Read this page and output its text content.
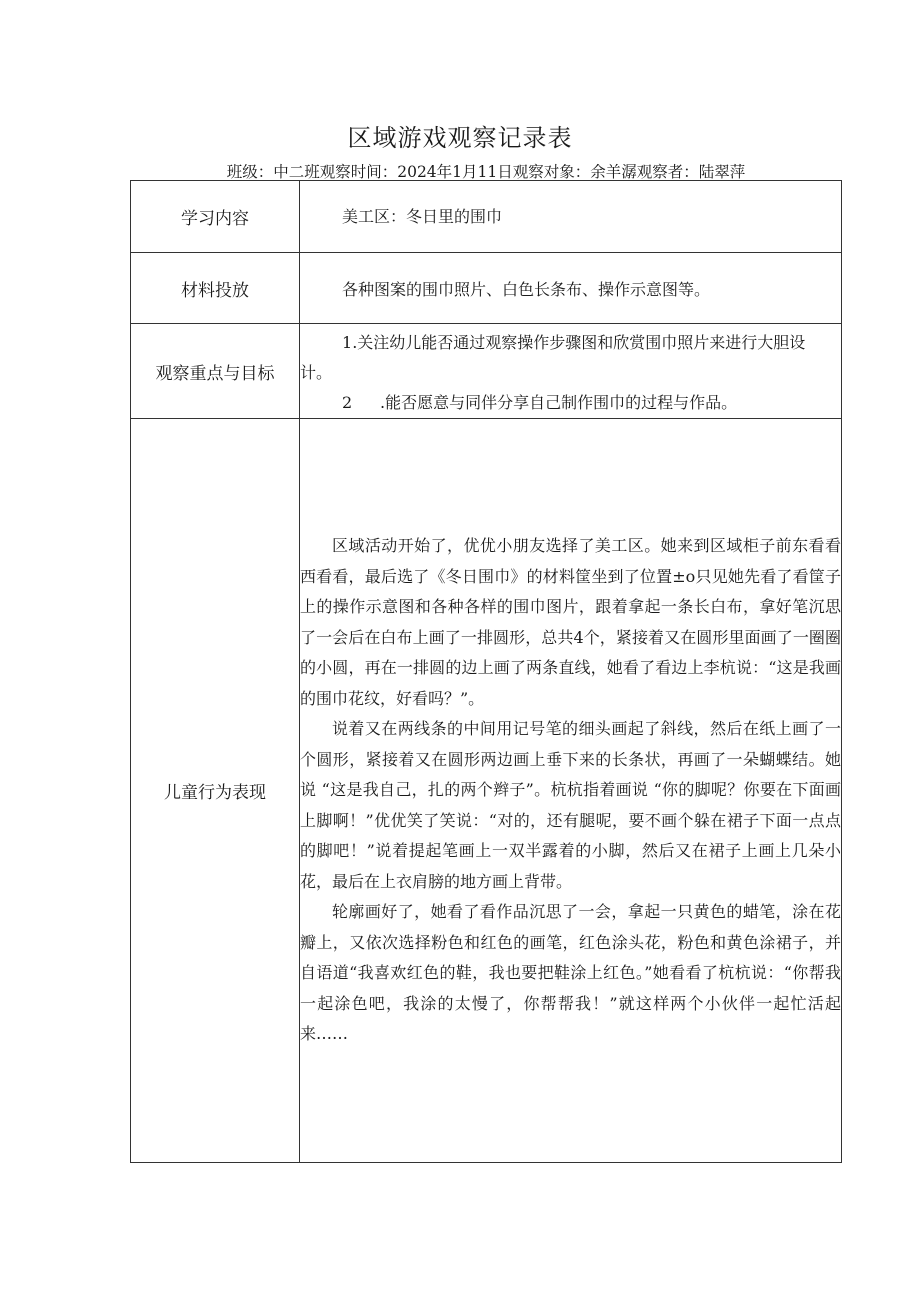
区域游戏观察记录表
班级：中二班观察时间：2024年1月11日观察对象：余羊潺观察者：陆翠萍
学习内容	美工区：冬日里的围巾

材料投放	各种图案的围巾照片、白色长条布、操作示意图等。

观察重点与目标	1.关注幼儿能否通过观察操作步骤图和欣赏围巾照片来进行大胆设计。
2 .能否愿意与同伴分享自己制作围巾的过程与作品。

儿童行为表现	区域活动开始了，优优小朋友选择了美工区。她来到区域柜子前东看看西看看，最后选了《冬日围巾》的材料筐坐到了位置±o只见她先看了看筐子上的操作示意图和各种各样的围巾图片，跟着拿起一条长白布，拿好笔沉思了一会后在白布上画了一排圆形，总共4个，紧接着又在圆形里面画了一圈圈的小圆，再在一排圆的边上画了两条直线，她看了看边上李杭说：“这是我画的围巾花纹，好看吗？”。

说着又在两线条的中间用记号笔的细头画起了斜线，然后在纸上画了一个圆形，紧接着又在圆形两边画上垂下来的长条状，再画了一朵蝴蝶结。她说 “这是我自己，扎的两个辫子”。杭杭指着画说 “你的脚呢？你要在下面画上脚啊！”优优笑了笑说：“对的，还有腿呢，要不画个躲在裙子下面一点点的脚吧！”说着提起笔画上一双半露着的小脚，然后又在裙子上画上几朵小花，最后在上衣肩膀的地方画上背带。

轮廓画好了，她看了看作品沉思了一会，拿起一只黄色的蜡笔，涂在花瓣上，又依次选择粉色和红色的画笔，红色涂头花，粉色和黄色涂裙子，并自语道“我喜欢红色的鞋，我也要把鞋涂上红色。”她看看了杭杭说：“你帮我一起涂色吧，我涂的太慢了，你帮帮我！”就这样两个小伙伴一起忙活起来……
